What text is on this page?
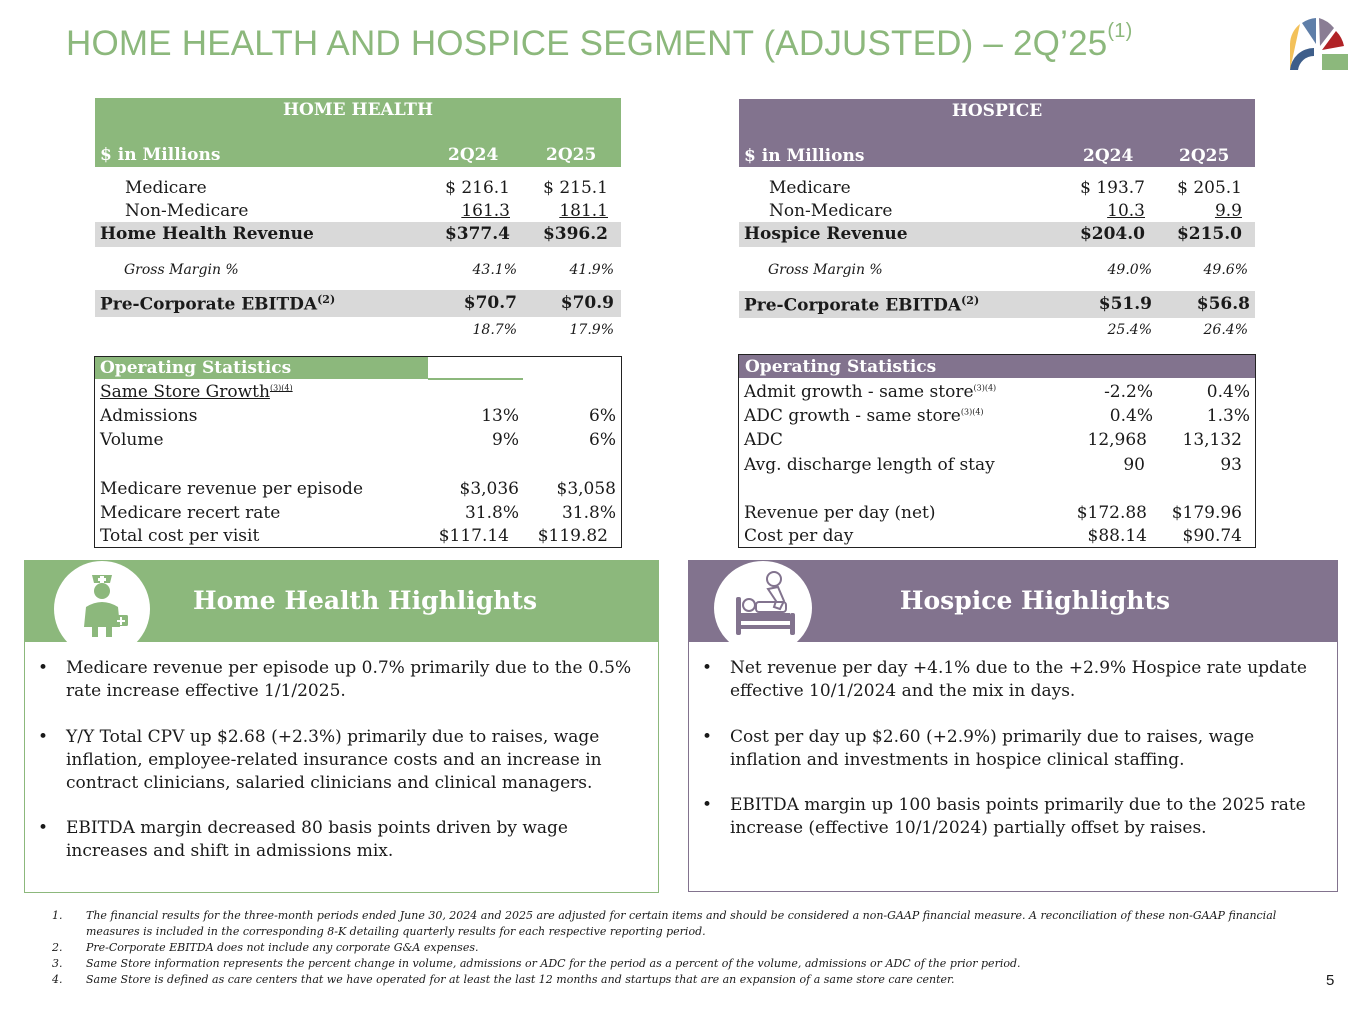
HOME HEALTH AND HOSPICE SEGMENT (ADJUSTED) – 2Q’25$^{(1)}$
HOME HEALTH
$ in Millions	2Q24	2Q25
Medicare	$ 216.1	$ 215.1
Non-Medicare	161.3	181.1
Home Health Revenue	$377.4	$396.2
Gross Margin %	43.1%	41.9%
Pre-Corporate EBITDA$^{(2)}$	$70.7	$70.9
18.7%	17.9%
Operating Statistics
Same Store Growth$^{(3)(4)}$
Admissions	13%	6%
Volume	9%	6%
Medicare revenue per episode	$3,036	$3,058
Medicare recert rate	31.8%	31.8%
Total cost per visit	$117.14	$119.82
HOSPICE
$ in Millions	2Q24	2Q25
Medicare	$ 193.7	$ 205.1
Non-Medicare	10.3	9.9
Hospice Revenue	$204.0	$215.0
Gross Margin %	49.0%	49.6%
Pre-Corporate EBITDA$^{(2)}$	$51.9	$56.8
25.4%	26.4%
Operating Statistics
Admit growth - same store$^{(3)(4)}$	-2.2%	0.4%
ADC growth - same store$^{(3)(4)}$	0.4%	1.3%
ADC	12,968	13,132
Avg. discharge length of stay	90	93
Revenue per day (net)	$172.88	$179.96
Cost per day	$88.14	$90.74
Home Health Highlights
• Medicare revenue per episode up 0.7% primarily due to the 0.5% rate increase effective 1/1/2025.
• Y/Y Total CPV up $2.68 (+2.3%) primarily due to raises, wage inflation, employee-related insurance costs and an increase in contract clinicians, salaried clinicians and clinical managers.
• EBITDA margin decreased 80 basis points driven by wage increases and shift in admissions mix.
Hospice Highlights
• Net revenue per day +4.1% due to the +2.9% Hospice rate update effective 10/1/2024 and the mix in days.
• Cost per day up $2.60 (+2.9%) primarily due to raises, wage inflation and investments in hospice clinical staffing.
• EBITDA margin up 100 basis points primarily due to the 2025 rate increase (effective 10/1/2024) partially offset by raises.
1. The financial results for the three-month periods ended June 30, 2024 and 2025 are adjusted for certain items and should be considered a non-GAAP financial measure. A reconciliation of these non-GAAP financial measures is included in the corresponding 8-K detailing quarterly results for each respective reporting period.
2. Pre-Corporate EBITDA does not include any corporate G&A expenses.
3. Same Store information represents the percent change in volume, admissions or ADC for the period as a percent of the volume, admissions or ADC of the prior period.
4. Same Store is defined as care centers that we have operated for at least the last 12 months and startups that are an expansion of a same store care center.	5
